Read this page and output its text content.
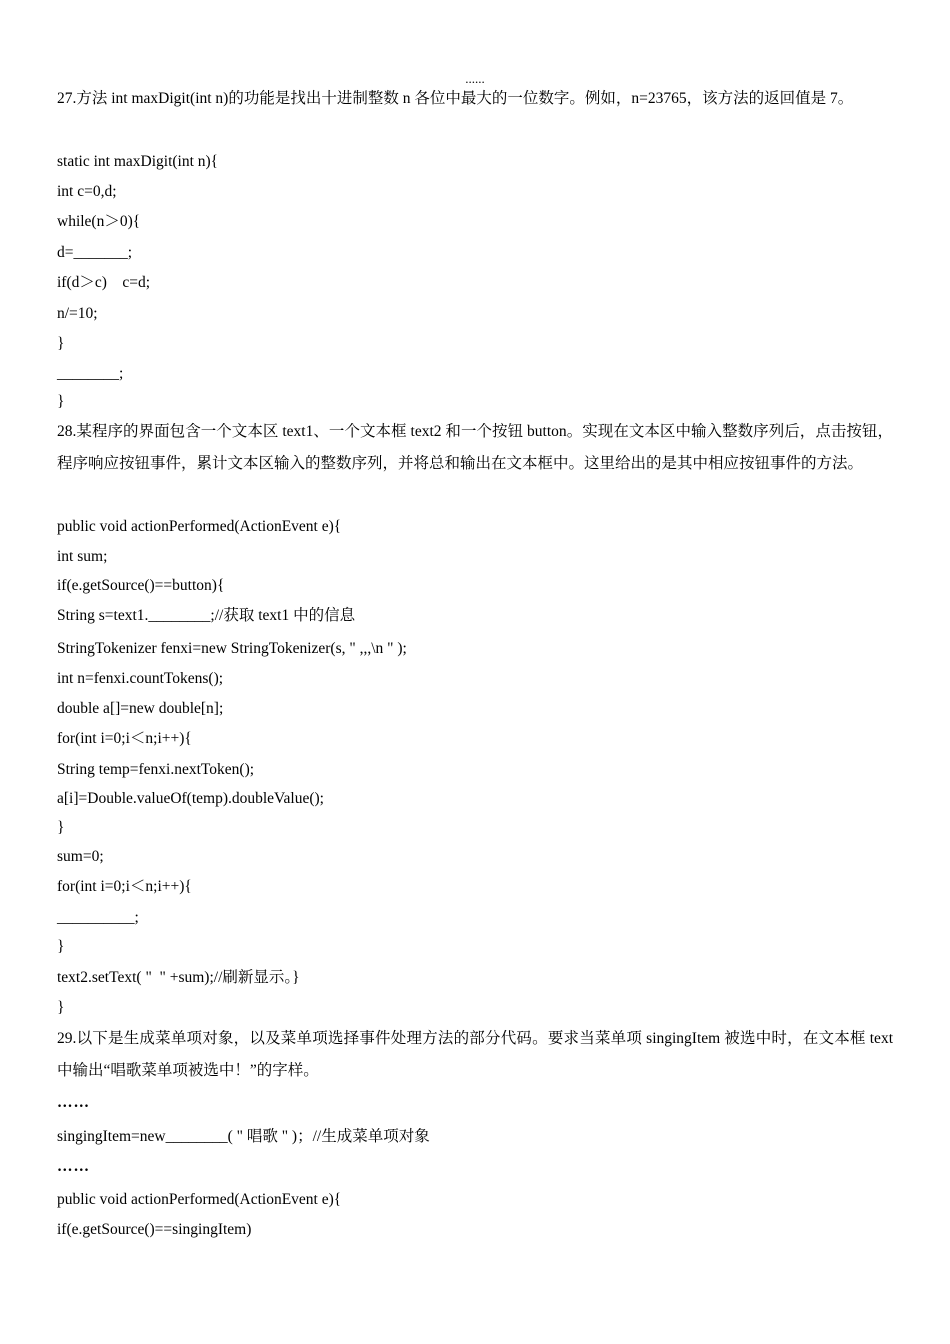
......
27.方法 int maxDigit(int n)的功能是找出十进制整数 n 各位中最大的一位数字。例如，n=23765，该方法的返回值是 7。
static int maxDigit(int n){
int c=0,d;
while(n＞0){
d=_______;
if(d＞c)    c=d;
n/=10;
}
________;
}
28.某程序的界面包含一个文本区 text1、一个文本框 text2 和一个按钮 button。实现在文本区中输入整数序列后，点击按钮，程序响应按钮事件，累计文本区输入的整数序列，并将总和输出在文本框中。这里给出的是其中相应按钮事件的方法。
public void actionPerformed(ActionEvent e){
int sum;
if(e.getSource()==button){
String s=text1.________;//获取 text1 中的信息
StringTokenizer fenxi=new StringTokenizer(s, " ,,,\n " );
int n=fenxi.countTokens();
double a[]=new double[n];
for(int i=0;i＜n;i++){
String temp=fenxi.nextToken();
a[i]=Double.valueOf(temp).doubleValue();
}
sum=0;
for(int i=0;i＜n;i++){
__________;
}
text2.setText( "  " +sum);//刷新显示。}
}
29.以下是生成菜单项对象，以及菜单项选择事件处理方法的部分代码。要求当菜单项 singingItem 被选中时，在文本框 text 中输出“唱歌菜单项被选中！”的字样。
……
singingItem=new________( " 唱歌 " )；//生成菜单项对象
……
public void actionPerformed(ActionEvent e){
if(e.getSource()==singingItem)
